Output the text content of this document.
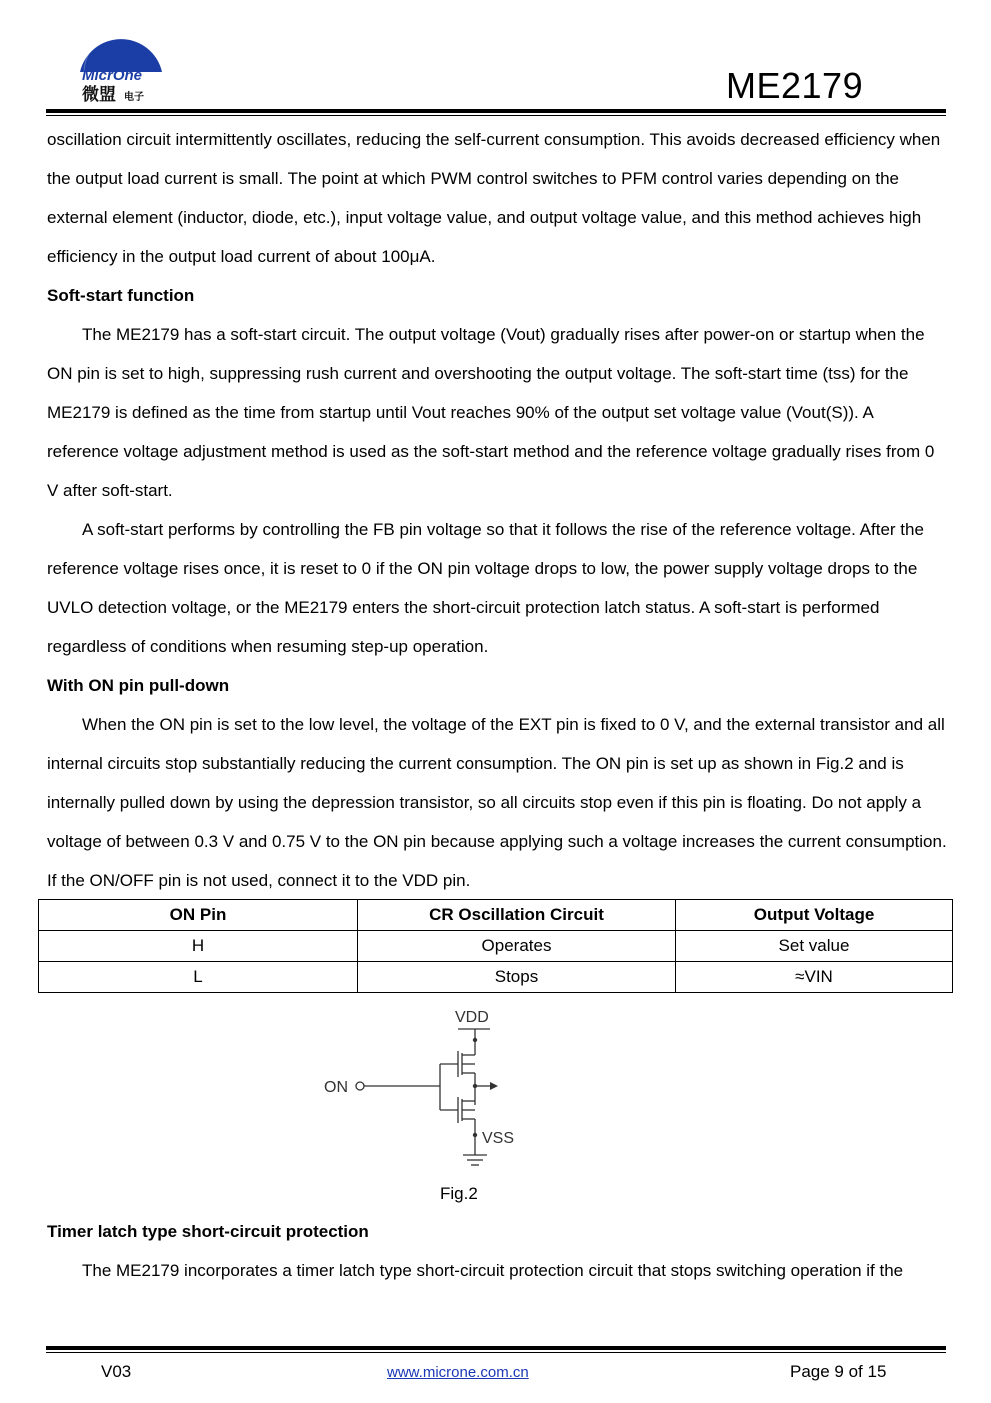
MicrOne
微盟 电子	ME2179

oscillation circuit intermittently oscillates, reducing the self-current consumption. This avoids decreased efficiency when the output load current is small. The point at which PWM control switches to PFM control varies depending on the external element (inductor, diode, etc.), input voltage value, and output voltage value, and this method achieves high efficiency in the output load current of about 100μA.

Soft-start function

The ME2179 has a soft-start circuit. The output voltage (Vout) gradually rises after power-on or startup when the ON pin is set to high, suppressing rush current and overshooting the output voltage. The soft-start time (tss) for the ME2179 is defined as the time from startup until Vout reaches 90% of the output set voltage value (Vout(S)). A reference voltage adjustment method is used as the soft-start method and the reference voltage gradually rises from 0 V after soft-start.

A soft-start performs by controlling the FB pin voltage so that it follows the rise of the reference voltage. After the reference voltage rises once, it is reset to 0 if the ON pin voltage drops to low, the power supply voltage drops to the UVLO detection voltage, or the ME2179 enters the short-circuit protection latch status. A soft-start is performed regardless of conditions when resuming step-up operation.

With ON pin pull-down

When the ON pin is set to the low level, the voltage of the EXT pin is fixed to 0 V, and the external transistor and all internal circuits stop substantially reducing the current consumption. The ON pin is set up as shown in Fig.2 and is internally pulled down by using the depression transistor, so all circuits stop even if this pin is floating. Do not apply a voltage of between 0.3 V and 0.75 V to the ON pin because applying such a voltage increases the current consumption. If the ON/OFF pin is not used, connect it to the VDD pin.

ON Pin	CR Oscillation Circuit	Output Voltage
H	Operates	Set value
L	Stops	≈VIN
VDD
VSS
ON
Fig.2
Timer latch type short-circuit protection
The ME2179 incorporates a timer latch type short-circuit protection circuit that stops switching operation if the
V03	www.microne.com.cn	Page 9 of 15
